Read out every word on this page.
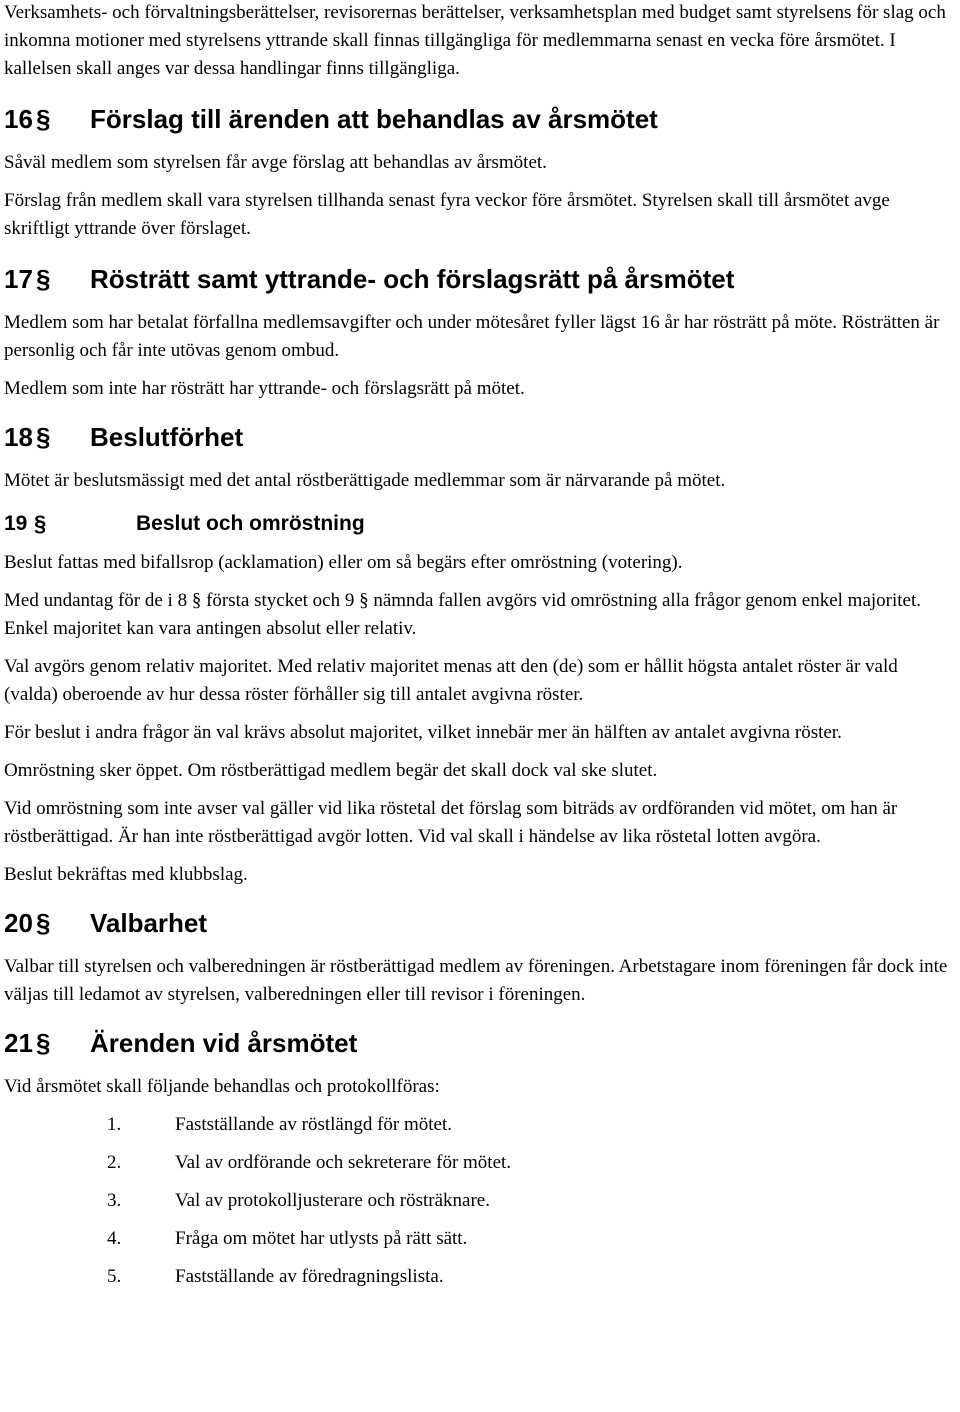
Verksamhets- och förvaltningsberättelser, revisorernas berättelser, verksamhetsplan med budget samt styrelsens för slag och inkomna motioner med styrelsens yttrande skall finnas tillgängliga för medlemmarna senast en vecka före årsmötet. I kallelsen skall anges var dessa handlingar finns tillgängliga.

16 §	Förslag till ärenden att behandlas av årsmötet

Såväl medlem som styrelsen får avge förslag att behandlas av årsmötet.

Förslag från medlem skall vara styrelsen tillhanda senast fyra veckor före årsmötet. Styrelsen skall till årsmötet avge skriftligt yttrande över förslaget.

17 §	Rösträtt samt yttrande- och förslagsrätt på årsmötet

Medlem som har betalat förfallna medlemsavgifter och under mötesåret fyller lägst 16 år har rösträtt på möte. Rösträtten är personlig och får inte utövas genom ombud.

Medlem som inte har rösträtt har yttrande- och förslagsrätt på mötet.

18 §	Beslutförhet

Mötet är beslutsmässigt med det antal röstberättigade medlemmar som är närvarande på mötet.

19 §	Beslut och omröstning

Beslut fattas med bifallsrop (acklamation) eller om så begärs efter omröstning (votering).

Med undantag för de i 8 § första stycket och 9 § nämnda fallen avgörs vid omröstning alla frågor genom enkel majoritet. Enkel majoritet kan vara antingen absolut eller relativ.

Val avgörs genom relativ majoritet. Med relativ majoritet menas att den (de) som er hållit högsta antalet röster är vald (valda) oberoende av hur dessa röster förhåller sig till antalet avgivna röster.

För beslut i andra frågor än val krävs absolut majoritet, vilket innebär mer än hälften av antalet avgivna röster.

Omröstning sker öppet. Om röstberättigad medlem begär det skall dock val ske slutet.

Vid omröstning som inte avser val gäller vid lika röstetal det förslag som biträds av ordföranden vid mötet, om han är röstberättigad. Är han inte röstberättigad avgör lotten. Vid val skall i händelse av lika röstetal lotten avgöra.

Beslut bekräftas med klubbslag.

20 §	Valbarhet

Valbar till styrelsen och valberedningen är röstberättigad medlem av föreningen. Arbetstagare inom föreningen får dock inte väljas till ledamot av styrelsen, valberedningen eller till revisor i föreningen.

21 §	Ärenden vid årsmötet

Vid årsmötet skall följande behandlas och protokollföras:

1.	Fastställande av röstlängd för mötet.
2.	Val av ordförande och sekreterare för mötet.
3.	Val av protokolljusterare och rösträknare.
4.	Fråga om mötet har utlysts på rätt sätt.
5.	Fastställande av föredragningslista.
